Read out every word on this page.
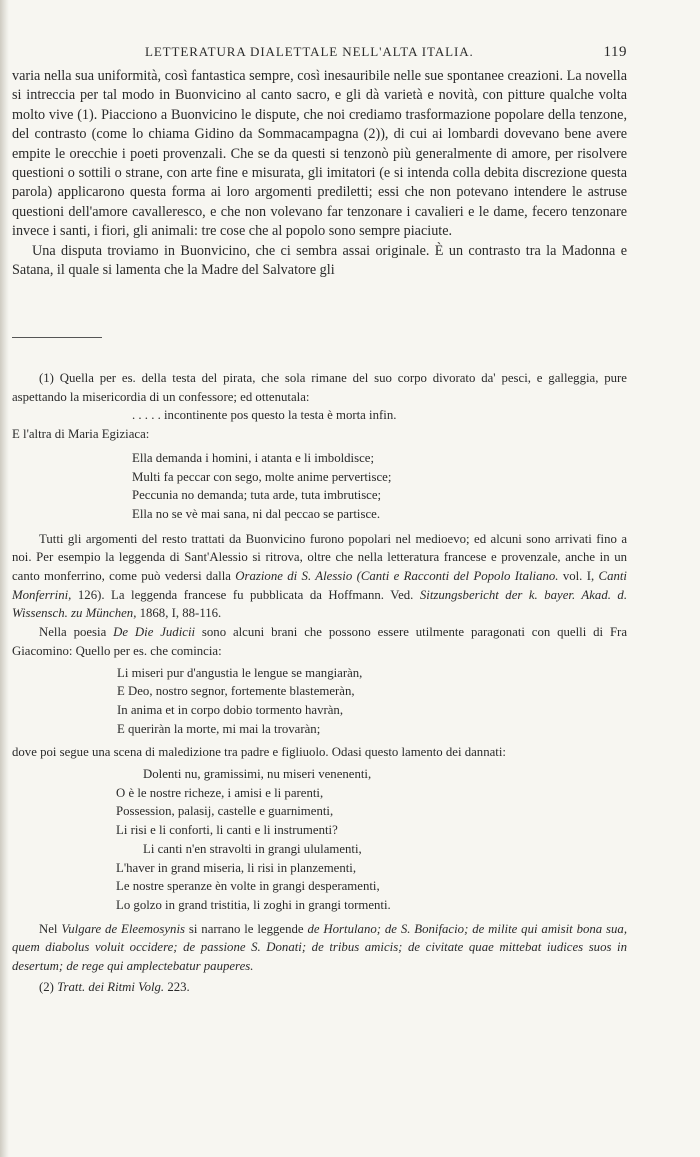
LETTERATURA DIALETTALE NELL'ALTA ITALIA.	119

varia nella sua uniformità, così fantastica sempre, così inesauribile nelle sue spontanee creazioni. La novella si intreccia per tal modo in Buonvicino al canto sacro, e gli dà varietà e novità, con pitture qualche volta molto vive (1). Piacciono a Buonvicino le dispute, che noi crediamo trasformazione popolare della tenzone, del contrasto (come lo chiama Gidino da Sommacampagna (2)), di cui ai lombardi dovevano bene avere empite le orecchie i poeti provenzali. Che se da questi si tenzonò più generalmente di amore, per risolvere questioni o sottili o strane, con arte fine e misurata, gli imitatori (e si intenda colla debita discrezione questa parola) applicarono questa forma ai loro argomenti prediletti; essi che non potevano intendere le astruse questioni dell'amore cavalleresco, e che non volevano far tenzonare i cavalieri e le dame, fecero tenzonare invece i santi, i fiori, gli animali: tre cose che al popolo sono sempre piaciute.

Una disputa troviamo in Buonvicino, che ci sembra assai originale. È un contrasto tra la Madonna e Satana, il quale si lamenta che la Madre del Salvatore gli

(1) Quella per es. della testa del pirata, che sola rimane del suo corpo divorato da' pesci, e galleggia, pure aspettando la misericordia di un confessore; ed ottenutala:

. . . . . incontinente pos questo la testa è morta infin.

E l'altra di Maria Egiziaca:

Ella demanda i homini, i atanta e li imboldisce;
Multi fa peccar con sego, molte anime pervertisce;
Peccunia no demanda; tuta arde, tuta imbrutisce;
Ella no se vè mai sana, ni dal peccao se partisce.

Tutti gli argomenti del resto trattati da Buonvicino furono popolari nel medioevo; ed alcuni sono arrivati fino a noi. Per esempio la leggenda di Sant'Alessio si ritrova, oltre che nella letteratura francese e provenzale, anche in un canto monferrino, come può vedersi dalla Orazione di S. Alessio (Canti e Racconti del Popolo Italiano. vol. I, Canti Monferrini, 126). La leggenda francese fu pubblicata da Hoffmann. Ved. Sitzungsbericht der k. bayer. Akad. d. Wissensch. zu München, 1868, I, 88-116.

Nella poesia De Die Judicii sono alcuni brani che possono essere utilmente paragonati con quelli di Fra Giacomino: Quello per es. che comincia:

Li miseri pur d'angustia le lengue se mangiaràn,
E Deo, nostro segnor, fortemente blastemeràn,
In anima et in corpo dobio tormento havràn,
E queriràn la morte, mi mai la trovaràn;

dove poi segue una scena di maledizione tra padre e figliuolo. Odasi questo lamento dei dannati:

Dolenti nu, gramissimi, nu miseri venenenti,
O è le nostre richeze, i amisi e li parenti,
Possession, palasij, castelle e guarnimenti,
Li risi e li conforti, li canti e li instrumenti?
Li canti n'en stravolti in grangi ululamenti,
L'haver in grand miseria, li risi in planzementi,
Le nostre speranze èn volte in grangi desperamenti,
Lo golzo in grand tristitia, li zoghi in grangi tormenti.

Nel Vulgare de Eleemosynis si narrano le leggende de Hortulano; de S. Bonifacio; de milite qui amisit bona sua, quem diabolus voluit occidere; de passione S. Donati; de tribus amicis; de civitate quae mittebat iudices suos in desertum; de rege qui amplectebatur pauperes.

(2) Tratt. dei Ritmi Volg. 223.
